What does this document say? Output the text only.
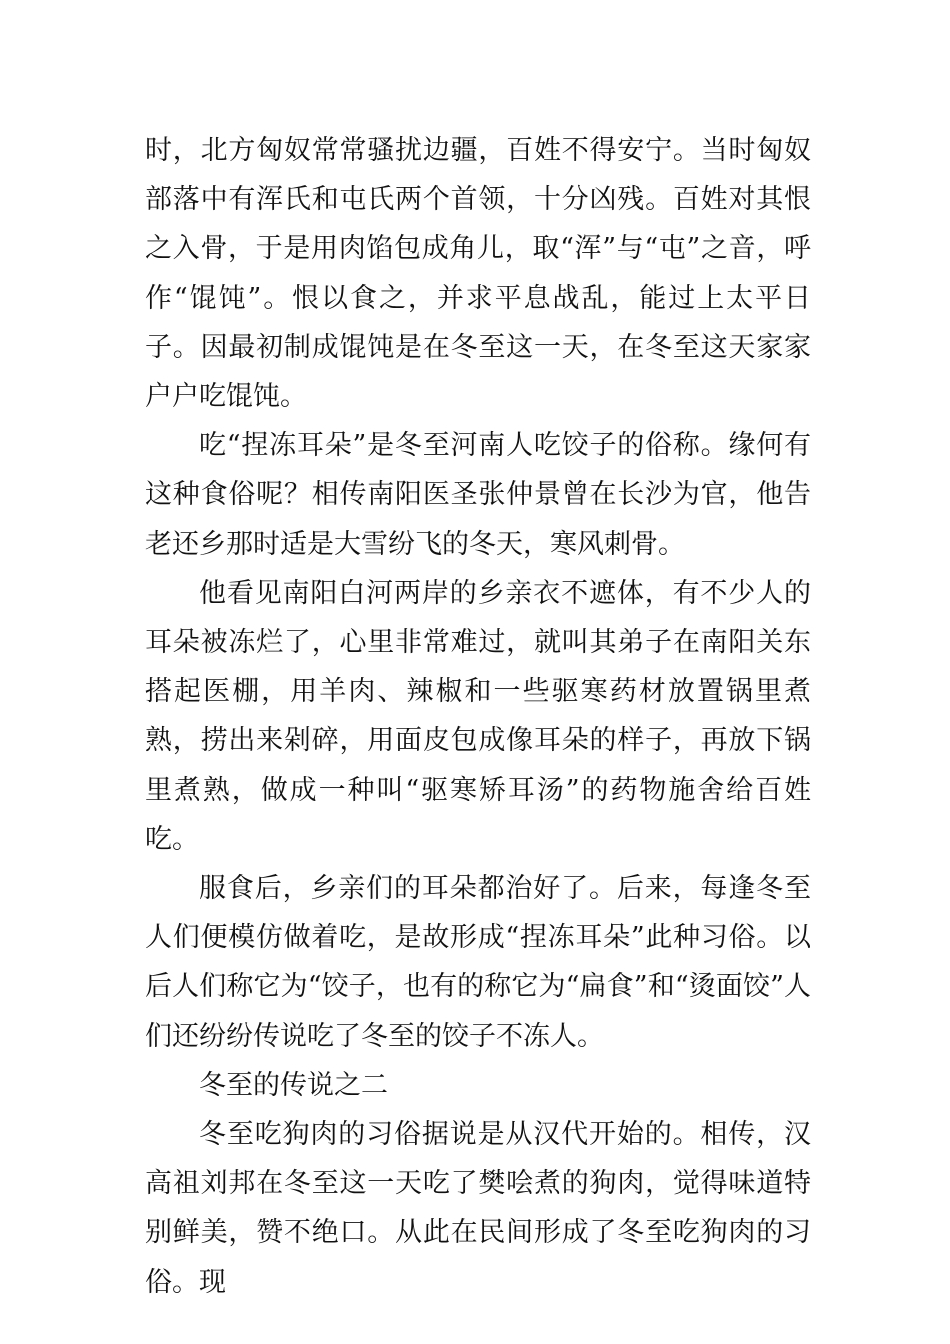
时，北方匈奴常常骚扰边疆，百姓不得安宁。当时匈奴部落中有浑氏和屯氏两个首领，十分凶残。百姓对其恨之入骨，于是用肉馅包成角儿，取“浑”与“屯”之音，呼作“馄饨”。恨以食之，并求平息战乱，能过上太平日子。因最初制成馄饨是在冬至这一天，在冬至这天家家户户吃馄饨。

吃“捏冻耳朵”是冬至河南人吃饺子的俗称。缘何有这种食俗呢？相传南阳医圣张仲景曾在长沙为官，他告老还乡那时适是大雪纷飞的冬天，寒风刺骨。

他看见南阳白河两岸的乡亲衣不遮体，有不少人的耳朵被冻烂了，心里非常难过，就叫其弟子在南阳关东搭起医棚，用羊肉、辣椒和一些驱寒药材放置锅里煮熟，捞出来剁碎，用面皮包成像耳朵的样子，再放下锅里煮熟，做成一种叫“驱寒矫耳汤”的药物施舍给百姓吃。

服食后，乡亲们的耳朵都治好了。后来，每逢冬至人们便模仿做着吃，是故形成“捏冻耳朵”此种习俗。以后人们称它为“饺子，也有的称它为“扁食”和“烫面饺”人们还纷纷传说吃了冬至的饺子不冻人。

冬至的传说之二

冬至吃狗肉的习俗据说是从汉代开始的。相传，汉高祖刘邦在冬至这一天吃了樊哙煮的狗肉，觉得味道特别鲜美，赞不绝口。从此在民间形成了冬至吃狗肉的习俗。现
